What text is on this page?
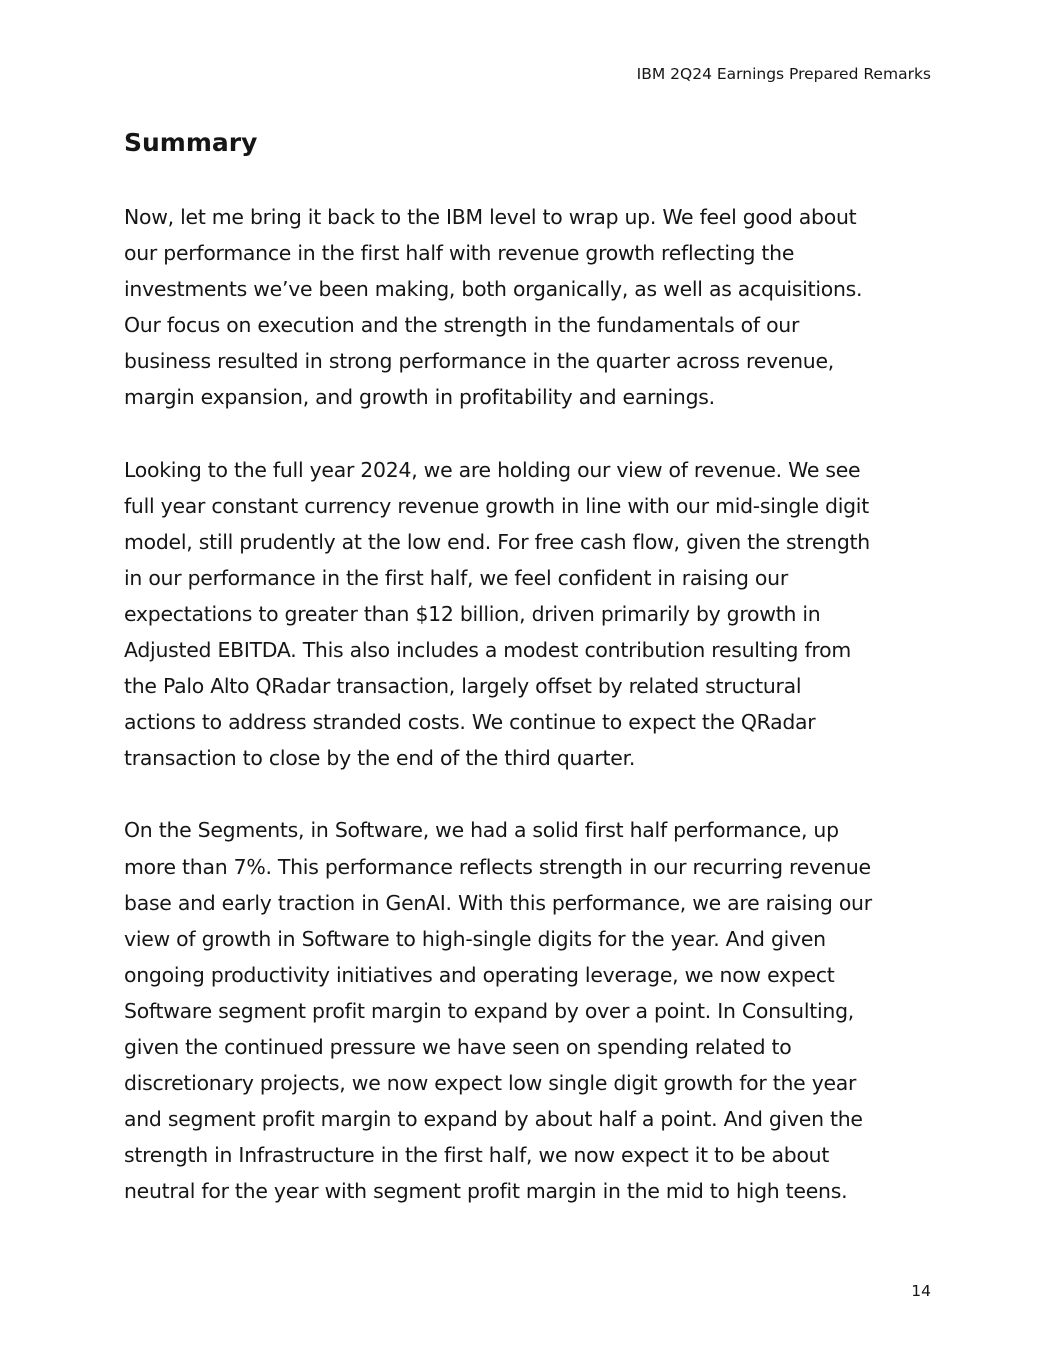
IBM 2Q24 Earnings Prepared Remarks
Summary

Now, let me bring it back to the IBM level to wrap up. We feel good about
our performance in the first half with revenue growth reflecting the
investments we’ve been making, both organically, as well as acquisitions.
Our focus on execution and the strength in the fundamentals of our
business resulted in strong performance in the quarter across revenue,
margin expansion, and growth in profitability and earnings.

Looking to the full year 2024, we are holding our view of revenue. We see
full year constant currency revenue growth in line with our mid-single digit
model, still prudently at the low end. For free cash flow, given the strength
in our performance in the first half, we feel confident in raising our
expectations to greater than $12 billion, driven primarily by growth in
Adjusted EBITDA. This also includes a modest contribution resulting from
the Palo Alto QRadar transaction, largely offset by related structural
actions to address stranded costs. We continue to expect the QRadar
transaction to close by the end of the third quarter.

On the Segments, in Software, we had a solid first half performance, up
more than 7%. This performance reflects strength in our recurring revenue
base and early traction in GenAI. With this performance, we are raising our
view of growth in Software to high-single digits for the year. And given
ongoing productivity initiatives and operating leverage, we now expect
Software segment profit margin to expand by over a point. In Consulting,
given the continued pressure we have seen on spending related to
discretionary projects, we now expect low single digit growth for the year
and segment profit margin to expand by about half a point. And given the
strength in Infrastructure in the first half, we now expect it to be about
neutral for the year with segment profit margin in the mid to high teens.

14
